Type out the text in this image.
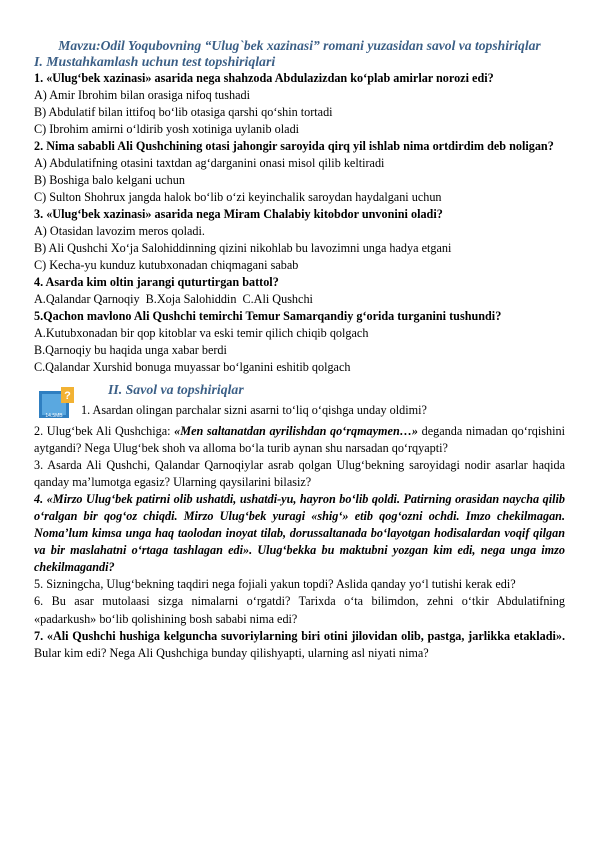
Mavzu:Odil Yoqubovning “Ulug`bek xazinasi” romani yuzasidan savol va topshiriqlar

I. Mustahkamlash uchun test topshiriqlari

1. «Ulug‘bek xazinasi» asarida nega shahzoda Abdulazizdan ko‘plab amirlar norozi edi?

A) Amir Ibrohim bilan orasiga nifoq tushadi

B) Abdulatif bilan ittifoq bo‘lib otasiga qarshi qo‘shin tortadi

C) Ibrohim amirni o‘ldirib yosh xotiniga uylanib oladi

2. Nima sababli Ali Qushchining otasi jahongir saroyida qirq yil ishlab nima ortdirdim deb noligan?

A) Abdulatifning otasini taxtdan ag‘darganini onasi misol qilib keltiradi

B) Boshiga balo kelgani uchun

C) Sulton Shohrux jangda halok bo‘lib o‘zi keyinchalik saroydan haydalgani uchun

3. «Ulug‘bek xazinasi» asarida nega Miram Chalabiy kitobdor unvonini oladi?

A) Otasidan lavozim meros qoladi.

B) Ali Qushchi Xo‘ja Salohiddinning qizini nikohlab bu lavozimni unga hadya etgani

C) Kecha-yu kunduz kutubxonadan chiqmagani sabab

4. Asarda kim oltin jarangi quturtirgan battol?

A.Qalandar Qarnoqiy  B.Xoja Salohiddin  C.Ali Qushchi

5.Qachon mavlono Ali Qushchi temirchi Temur Samarqandiy g‘orida turganini tushundi?

A.Kutubxonadan bir qop kitoblar va eski temir qilich chiqib qolgach

B.Qarnoqiy bu haqida unga xabar berdi

C.Qalandar Xurshid bonuga muyassar bo‘lganini eshitib qolgach

?
14.5MB
II. Savol va topshiriqlar
1. Asardan olingan parchalar sizni asarni to‘liq o‘qishga unday oldimi?

2. Ulug‘bek Ali Qushchiga: «Men saltanatdan ayrilishdan qo‘rqmaymen…» deganda nimadan qo‘rqishini aytgandi? Nega Ulug‘bek shoh va alloma bo‘la turib aynan shu narsadan qo‘rqyapti?

3. Asarda Ali Qushchi, Qalandar Qarnoqiylar asrab qolgan Ulug‘bekning saroyidagi nodir asarlar haqida qanday ma’lumotga egasiz? Ularning qaysilarini bilasiz?

4. «Mirzo Ulug‘bek patirni olib ushatdi, ushatdi-yu, hayron bo‘lib qoldi. Patirning orasidan naycha qilib o‘ralgan bir qog‘oz chiqdi. Mirzo Ulug‘bek yuragi «shig‘» etib qog‘ozni ochdi. Imzo chekilmagan. Noma’lum kimsa unga haq taolodan inoyat tilab, dorussaltanada bo‘layotgan hodisalardan voqif qilgan va bir maslahatni o‘rtaga tashlagan edi». Ulug‘bekka bu maktubni yozgan kim edi, nega unga imzo chekilmagandi?

5. Sizningcha, Ulug‘bekning taqdiri nega fojiali yakun topdi? Aslida qanday yo‘l tutishi kerak edi?

6. Bu asar mutolaasi sizga nimalarni o‘rgatdi? Tarixda o‘ta bilimdon, zehni o‘tkir Abdulatifning «padarkush» bo‘lib qolishining bosh sababi nima edi?

7. «Ali Qushchi hushiga kelguncha suvoriylarning biri otini jilovidan olib, pastga, jarlikka etakladi». Bular kim edi? Nega Ali Qushchiga bunday qilishyapti, ularning asl niyati nima?
